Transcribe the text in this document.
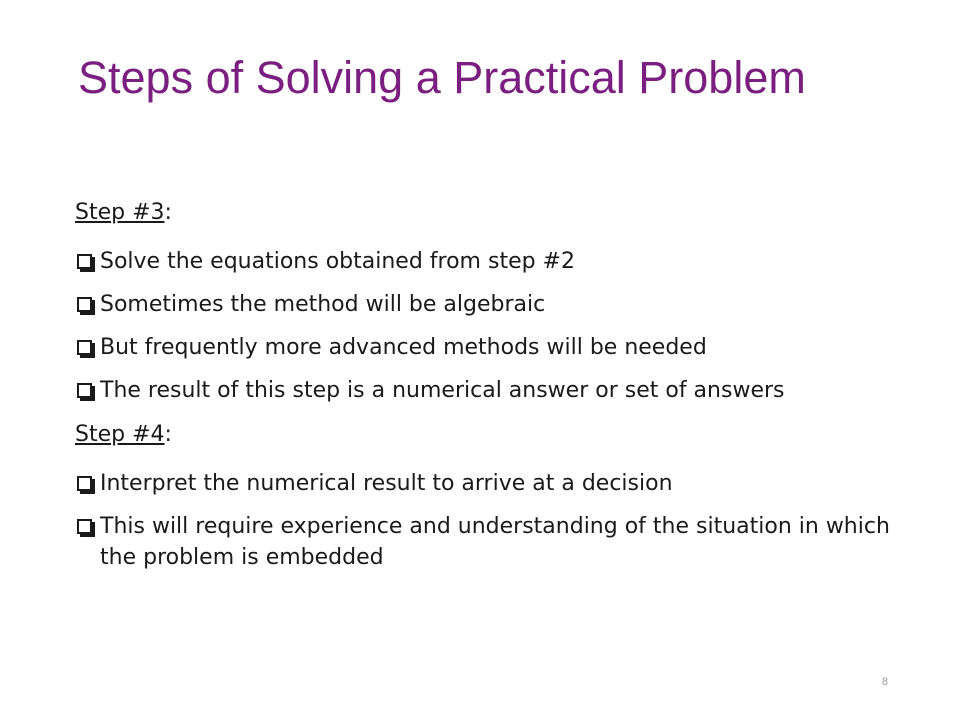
Steps of Solving a Practical Problem
Step #3:
Solve the equations obtained from step #2
Sometimes the method will be algebraic
But frequently more advanced methods will be needed
The result of this step is a numerical answer or set of answers
Step #4:
Interpret the numerical result to arrive at a decision
This will require experience and understanding of the situation in which the problem is embedded
8
